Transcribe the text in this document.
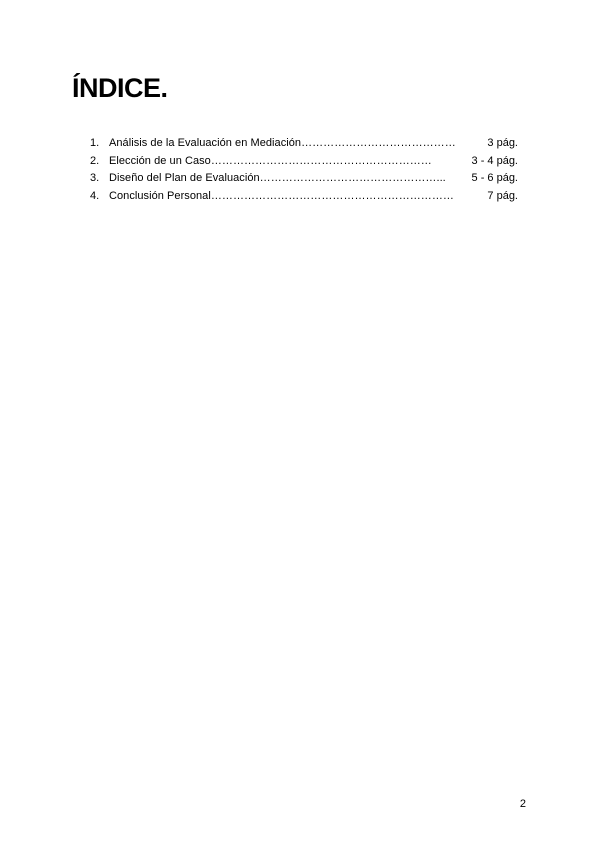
ÍNDICE.
1. Análisis de la Evaluación en Mediación……………………………………	3 pág.
2. Elección de un Caso……………………………………………………	3 - 4 pág.
3. Diseño del Plan de Evaluación…………………………………………...	5 - 6 pág.
4. Conclusión Personal…………………………………………………………	7 pág.
2
